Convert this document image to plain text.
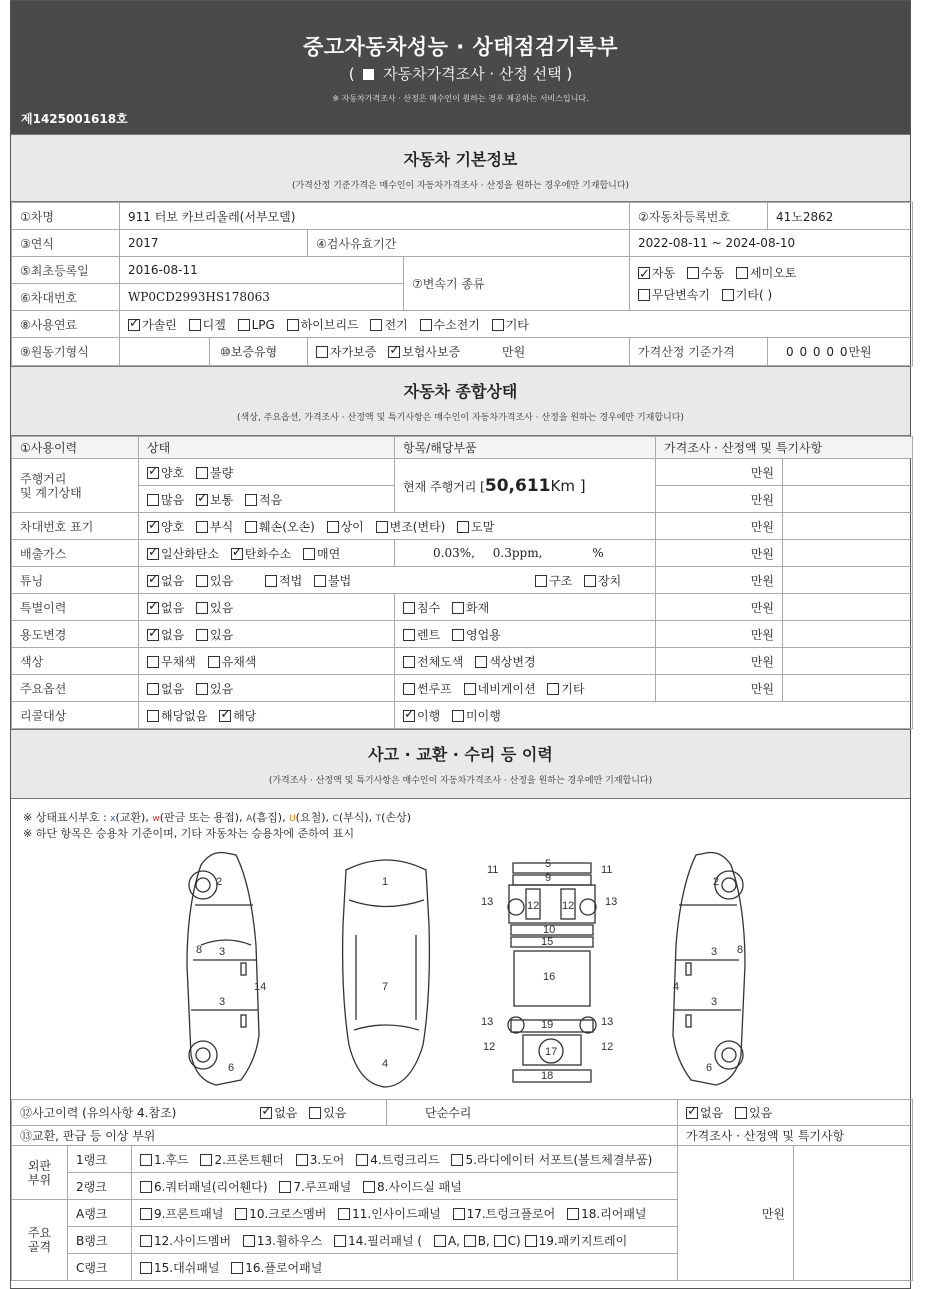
중고자동차성능 · 상태점검기록부
( 자동차가격조사 · 산정 선택 )
※ 자동차가격조사 · 산정은 매수인이 원하는 경우 제공하는 서비스입니다.
제1425001618호
자동차 기본정보
(가격산정 기준가격은 매수인이 자동차가격조사 · 산정을 원하는 경우에만 기재합니다)
①차명	911 터보 카브리올레(서부모델)			②자동차등록번호	41노2862
③연식	2017	④검사유효기간		2022-08-11 ~ 2024-08-10	
⑤최초등록일	2016-08-11		⑦변속기 종류	✓자동 수동 세미오토
무단변속기 기타( )
⑥차대번호	WP0CD2993HS178063				
⑧사용연료	✓가솔린 디젤 LPG 하이브리드 전기 수소전기 기타
⑨원동기형식	⑩보증유형	자가보증 ✓ 보험사보증 만원		가격산정 기준가격	0 0 0 0 0만원
자동차 종합상태
(색상, 주요옵션, 가격조사 · 산정액 및 특기사항은 매수인이 자동차가격조사 · 산정을 원하는 경우에만 기재합니다)
①사용이력	상태	항목/해당부품	가격조사 · 산정액 및 특기사항	
주행거리
및 계기상태	✓양호 불량	현재 주행거리 [50,611Km ]	만원	
	많음 ✓ 보통 적음		만원	
차대번호 표기	✓양호 부식 훼손(오손) 상이 변조(변타) 도말		만원	
배출가스	✓일산화탄소 ✓ 탄화수소 매연	0.03%, 0.3ppm, %	만원	
튜닝	✓없음 있음 적법 불법 구조 장치		만원	
특별이력	✓없음 있음	침수 화재	만원	
용도변경	✓없음 있음	렌트 영업용	만원	
색상	무채색 유채색	전체도색 색상변경	만원	
주요옵션	없음 있음	썬루프 네비게이션 기타	만원	
리콜대상	해당없음 ✓ 해당	✓이행 미이행
사고 · 교환 · 수리 등 이력
(가격조사 · 산정액 및 특기사항은 매수인이 자동차가격조사 · 산정을 원하는 경우에만 기재합니다)
※ 상태표시부호 : x(교환), w(판금 또는 용접), A(흠집), U(요철), C(부식), T(손상)
※ 하단 항목은 승용차 기준이며, 기타 자동차는 승용차에 준하여 표시
2
8 3
3
14
6
1
7
4
5
9
11	11
13	13
12 12
10
15
16
19
13	13
12	12
17
18
2
8
3
3
4
6
⑫사고이력 (유의사항 4.참조) ✓ 없음 있음			단순수리	✓없음 있음
⑬교환, 판금 등 이상 부위				가격조사 · 산정액 및 특기사항	
외판
부위	1랭크	1.후드 2.프론트휀더 3.도어 4.트렁크리드 5.라디에이터 서포트(볼트체결부품)		만원	
	2랭크	6.쿼터패널(리어휀다) 7.루프패널 8.사이드실 패널			
주요
골격	A랭크	9.프론트패널 10.크로스멤버 11.인사이드패널 17.트렁크플로어 18.리어패널			
	B랭크	12.사이드멤버 13.휠하우스 14.필러패널 ( A, B, C) 19.패키지트레이			
	C랭크	15.대쉬패널 16.플로어패널			
